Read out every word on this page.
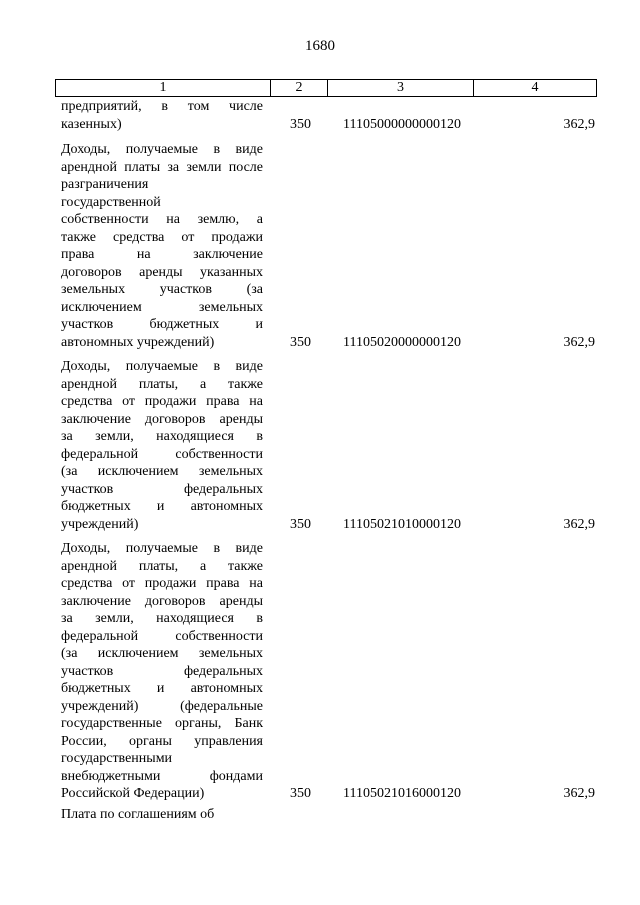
1680
1	2	3	4
предприятий, в том числе
казенных)	350 11105000000000120	362,9
Доходы, получаемые в виде
арендной платы за земли после
разграничения
государственной
собственности на землю, а
также средства от продажи
права на заключение
договоров аренды указанных
земельных участков (за
исключением земельных
участков бюджетных и
автономных учреждений)	350 11105020000000120	362,9
Доходы, получаемые в виде
арендной платы, а также
средства от продажи права на
заключение договоров аренды
за земли, находящиеся в
федеральной собственности
(за исключением земельных
участков федеральных
бюджетных и автономных
учреждений)	350 11105021010000120	362,9
Доходы, получаемые в виде
арендной платы, а также
средства от продажи права на
заключение договоров аренды
за земли, находящиеся в
федеральной собственности
(за исключением земельных
участков федеральных
бюджетных и автономных
учреждений) (федеральные
государственные органы, Банк
России, органы управления
государственными
внебюджетными фондами
Российской Федерации)	350 11105021016000120	362,9
Плата по соглашениям об
